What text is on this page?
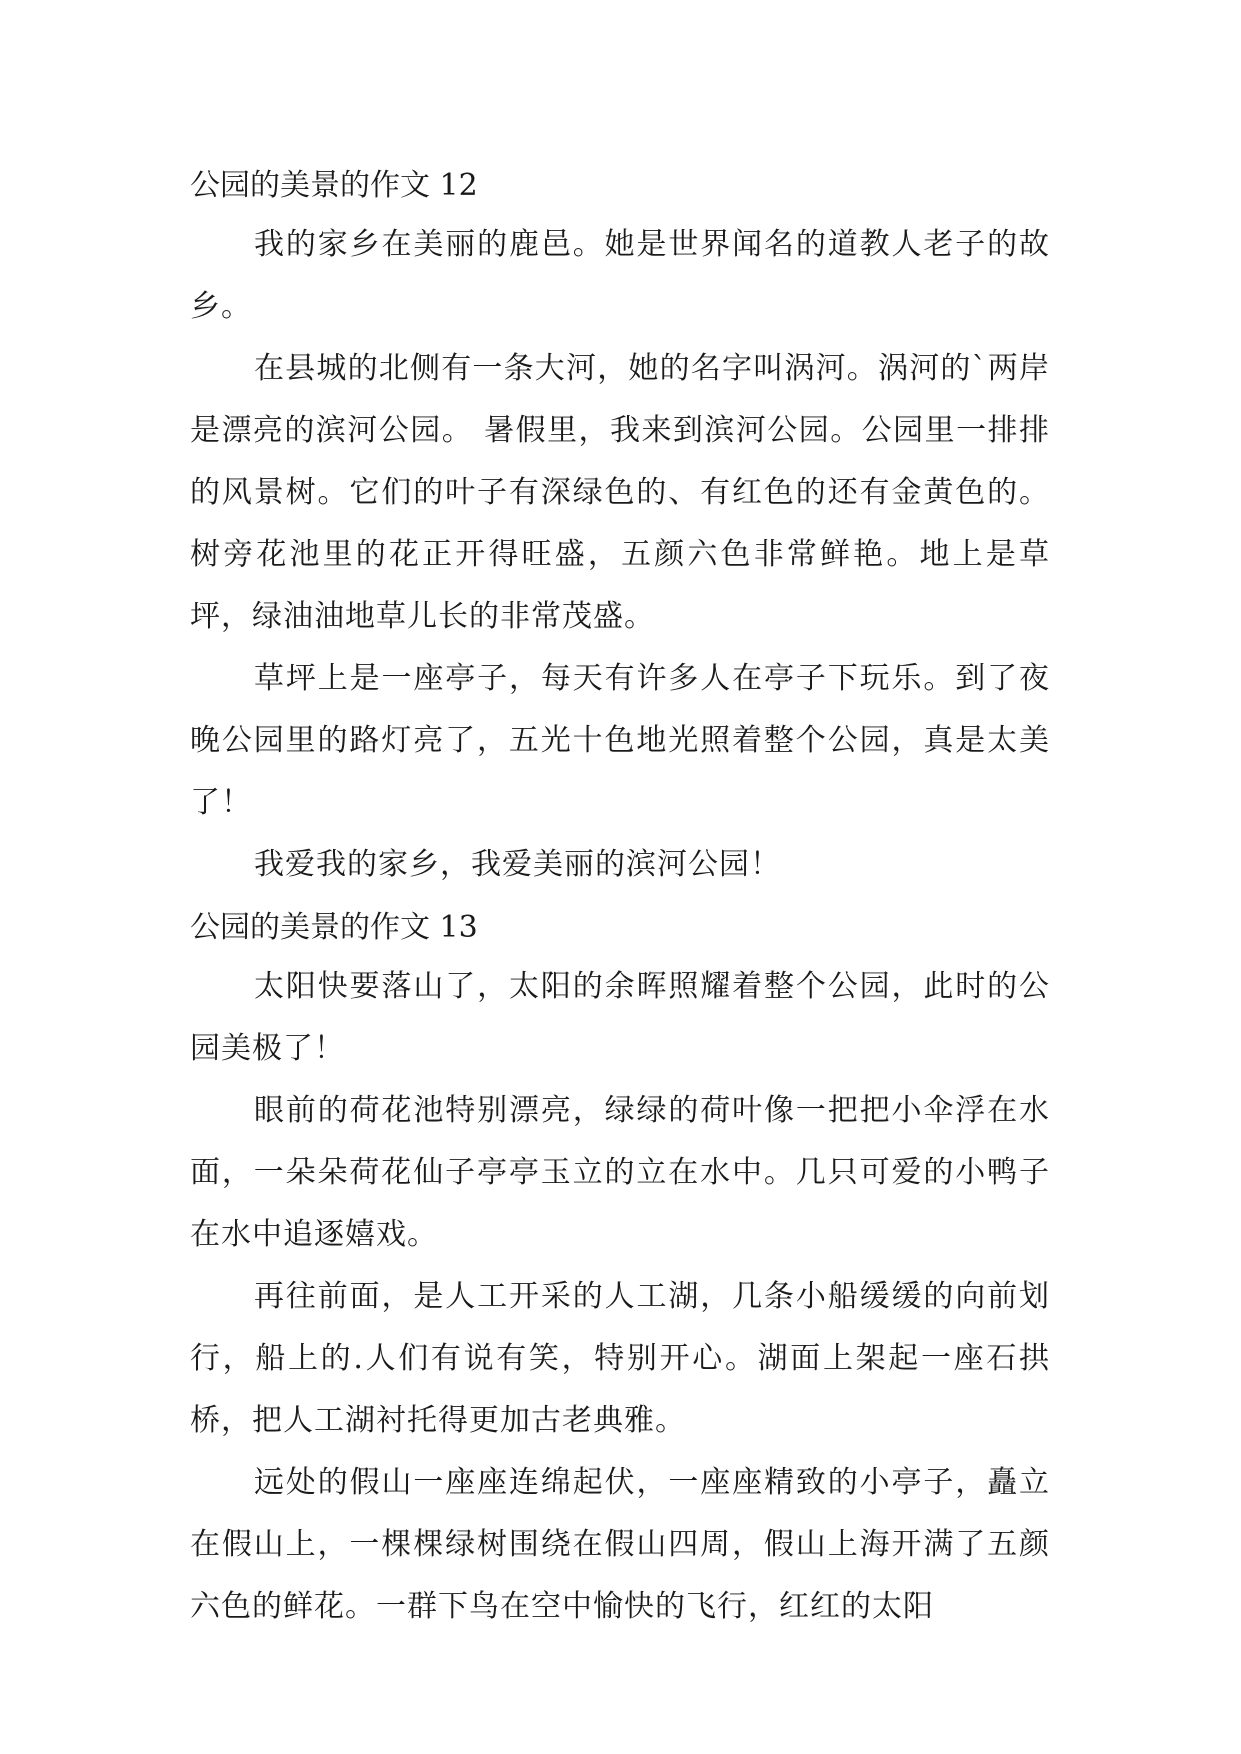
公园的美景的作文 12

我的家乡在美丽的鹿邑。她是世界闻名的道教人老子的故乡。

在县城的北侧有一条大河，她的名字叫涡河。涡河的`两岸是漂亮的滨河公园。 暑假里，我来到滨河公园。公园里一排排的风景树。它们的叶子有深绿色的、有红色的还有金黄色的。树旁花池里的花正开得旺盛，五颜六色非常鲜艳。地上是草坪，绿油油地草儿长的非常茂盛。

草坪上是一座亭子，每天有许多人在亭子下玩乐。到了夜晚公园里的路灯亮了，五光十色地光照着整个公园，真是太美了！

我爱我的家乡，我爱美丽的滨河公园！

公园的美景的作文 13

太阳快要落山了，太阳的余晖照耀着整个公园，此时的公园美极了！

眼前的荷花池特别漂亮，绿绿的荷叶像一把把小伞浮在水面，一朵朵荷花仙子亭亭玉立的立在水中。几只可爱的小鸭子在水中追逐嬉戏。

再往前面，是人工开采的人工湖，几条小船缓缓的向前划行，船上的.人们有说有笑，特别开心。湖面上架起一座石拱桥，把人工湖衬托得更加古老典雅。

远处的假山一座座连绵起伏，一座座精致的小亭子，矗立在假山上，一棵棵绿树围绕在假山四周，假山上海开满了五颜六色的鲜花。一群下鸟在空中愉快的飞行，红红的太阳
